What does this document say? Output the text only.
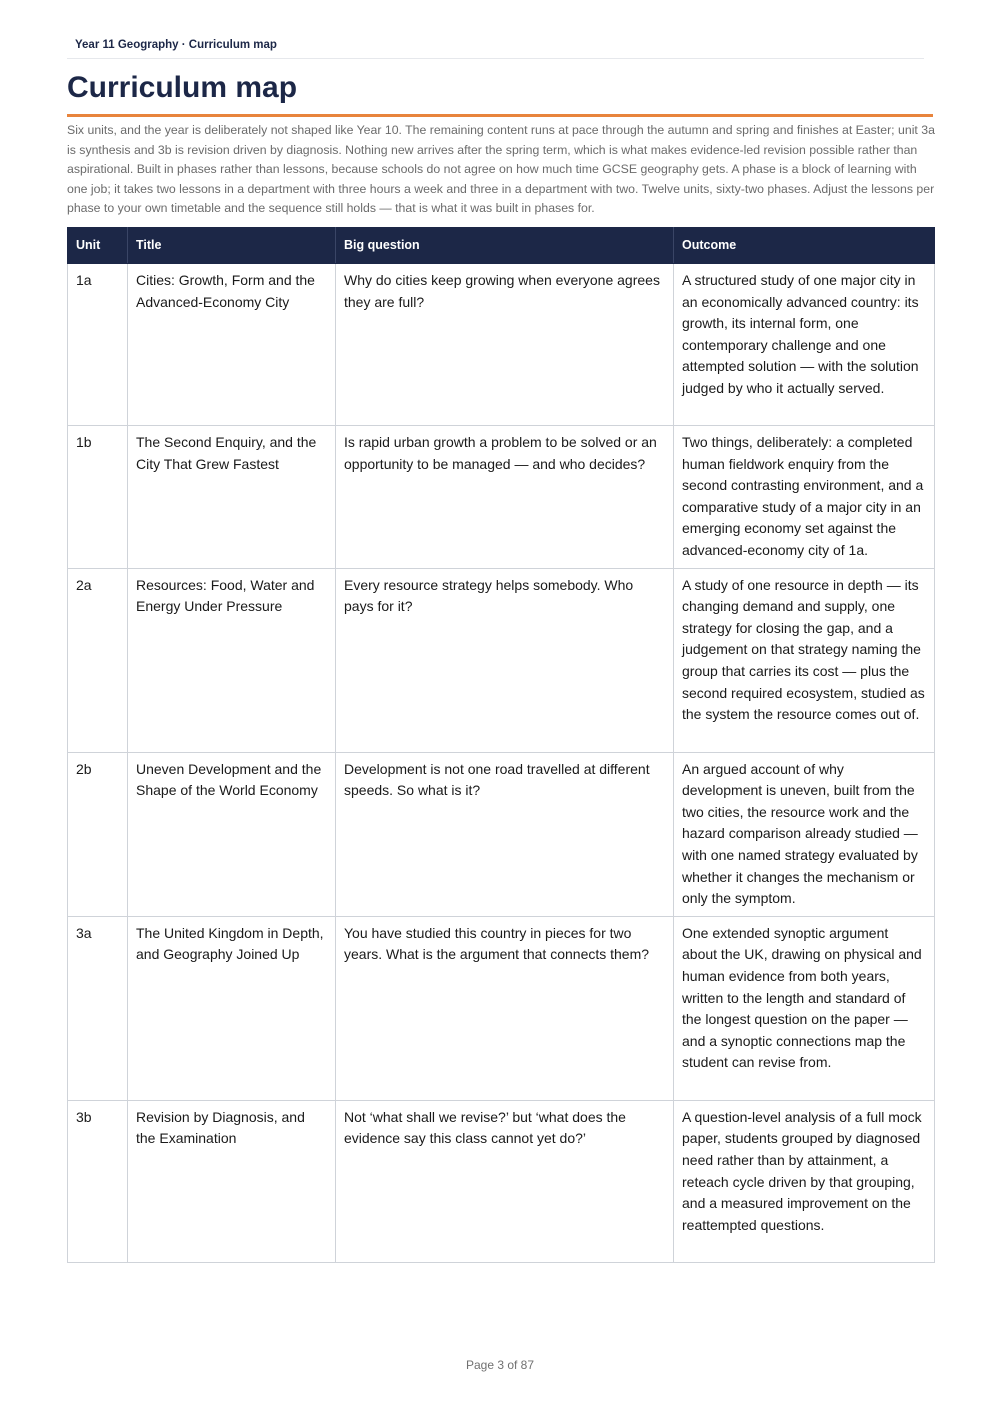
Year 11 Geography · Curriculum map
Curriculum map

Six units, and the year is deliberately not shaped like Year 10. The remaining content runs at pace through the autumn and spring and finishes at Easter; unit 3a is synthesis and 3b is revision driven by diagnosis. Nothing new arrives after the spring term, which is what makes evidence-led revision possible rather than aspirational. Built in phases rather than lessons, because schools do not agree on how much time GCSE geography gets. A phase is a block of learning with one job; it takes two lessons in a department with three hours a week and three in a department with two. Twelve units, sixty-two phases. Adjust the lessons per phase to your own timetable and the sequence still holds — that is what it was built in phases for.

Unit	Title	Big question	Outcome
1a	Cities: Growth, Form and the Advanced-Economy City	Why do cities keep growing when everyone agrees they are full?	A structured study of one major city in an economically advanced country: its growth, its internal form, one contemporary challenge and one attempted solution — with the solution judged by who it actually served.
1b	The Second Enquiry, and the City That Grew Fastest	Is rapid urban growth a problem to be solved or an opportunity to be managed — and who decides?	Two things, deliberately: a completed human fieldwork enquiry from the second contrasting environment, and a comparative study of a major city in an emerging economy set against the advanced-economy city of 1a.
2a	Resources: Food, Water and Energy Under Pressure	Every resource strategy helps somebody. Who pays for it?	A study of one resource in depth — its changing demand and supply, one strategy for closing the gap, and a judgement on that strategy naming the group that carries its cost — plus the second required ecosystem, studied as the system the resource comes out of.
2b	Uneven Development and the Shape of the World Economy	Development is not one road travelled at different speeds. So what is it?	An argued account of why development is uneven, built from the two cities, the resource work and the hazard comparison already studied — with one named strategy evaluated by whether it changes the mechanism or only the symptom.
3a	The United Kingdom in Depth, and Geography Joined Up	You have studied this country in pieces for two years. What is the argument that connects them?	One extended synoptic argument about the UK, drawing on physical and human evidence from both years, written to the length and standard of the longest question on the paper — and a synoptic connections map the student can revise from.
3b	Revision by Diagnosis, and the Examination	Not ‘what shall we revise?’ but ‘what does the evidence say this class cannot yet do?’	A question-level analysis of a full mock paper, students grouped by diagnosed need rather than by attainment, a reteach cycle driven by that grouping, and a measured improvement on the reattempted questions.
Page 3 of 87
